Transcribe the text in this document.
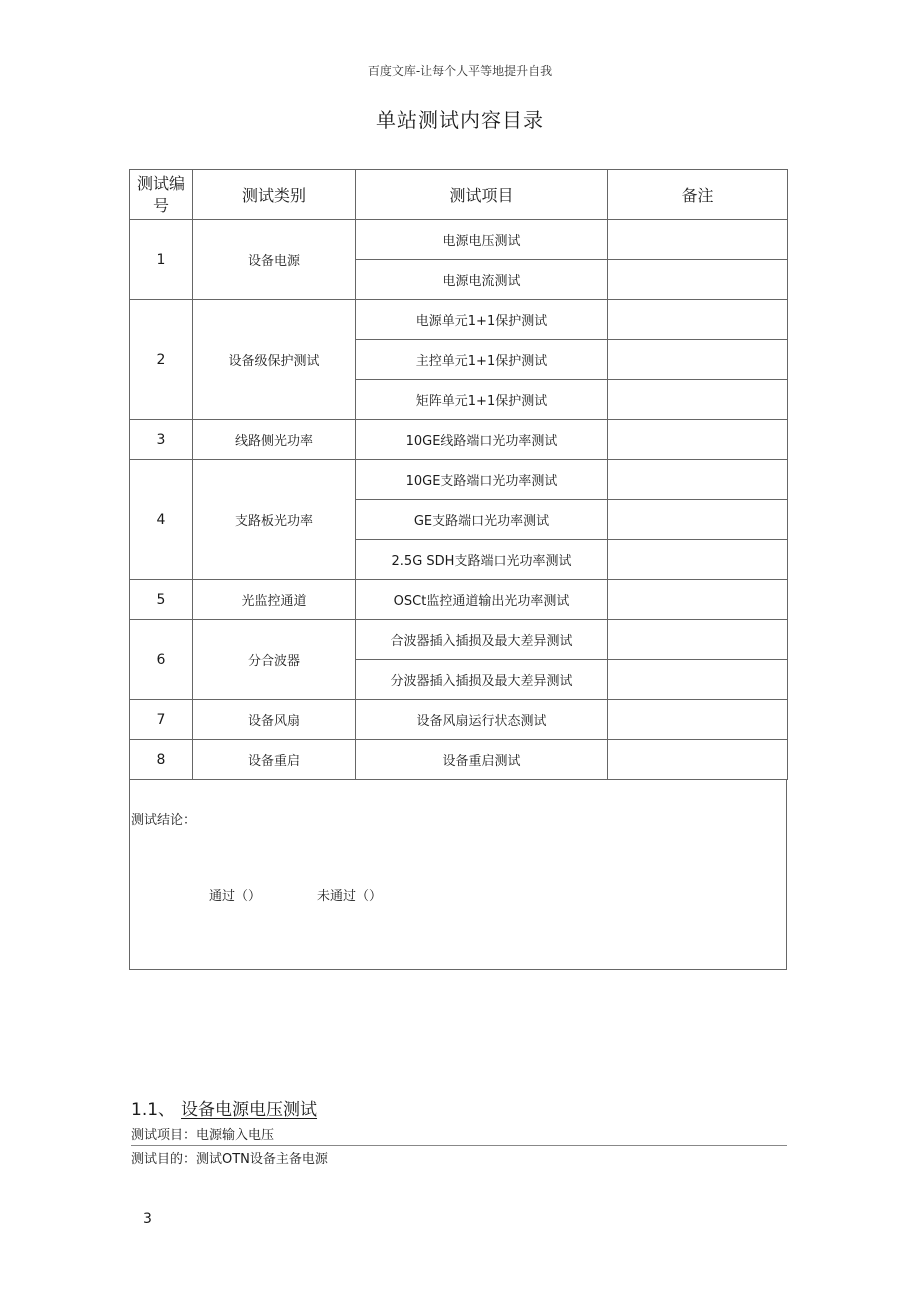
百度文库-让每个人平等地提升自我
单站测试内容目录
测试编号	测试类别	测试项目	备注
1	设备电源	电源电压测试	
		电源电流测试	
2	设备级保护测试	电源单元1+1保护测试	
		主控单元1+1保护测试	
		矩阵单元1+1保护测试	
3	线路侧光功率	10GE线路端口光功率测试	
4	支路板光功率	10GE支路端口光功率测试	
		GE支路端口光功率测试	
		2.5G SDH支路端口光功率测试	
5	光监控通道	OSCt监控通道输出光功率测试	
6	分合波器	合波器插入插损及最大差异测试	
		分波器插入插损及最大差异测试	
7	设备风扇	设备风扇运行状态测试	
8	设备重启	设备重启测试	
测试结论：
通过（）	未通过（）
1.1、 设备电源电压测试
测试项目：电源输入电压
测试目的：测试OTN设备主备电源
3
